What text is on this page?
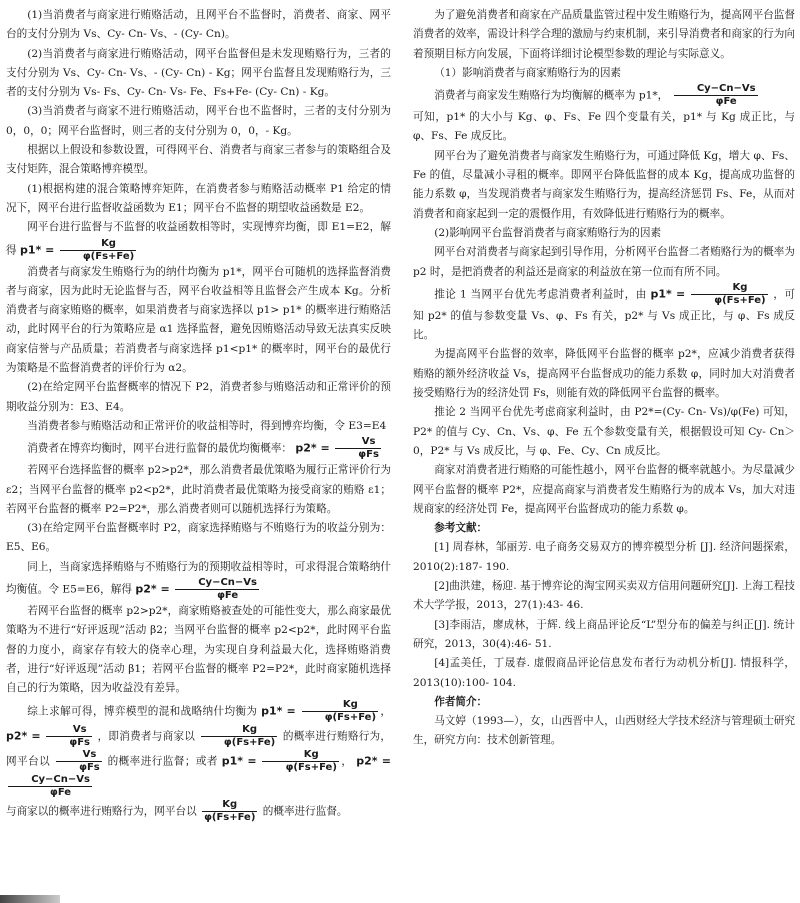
(1)当消费者与商家进行贿赂活动，且网平台不监督时，消费者、商家、网平台的支付分别为 Vs、Cy- Cn- Vs、- (Cy- Cn)。

(2)当消费者与商家进行贿赂活动，网平台监督但是未发现贿赂行为，三者的支付分别为 Vs、Cy- Cn- Vs、- (Cy- Cn) - Kg；网平台监督且发现贿赂行为，三者的支付分别为 Vs- Fs、Cy- Cn- Vs- Fe、Fs+Fe- (Cy- Cn) - Kg。

(3)当消费者与商家不进行贿赂活动，网平台也不监督时，三者的支付分别为 0，0，0；网平台监督时，则三者的支付分别为 0，0，- Kg。

根据以上假设和参数设置，可得网平台、消费者与商家三者参与的策略组合及支付矩阵，混合策略博弈模型。

(1)根据构建的混合策略博弈矩阵，在消费者参与贿赂活动概率 P1 给定的情况下，网平台进行监督收益函数为 E1；网平台不监督的期望收益函数是 E2。

网平台进行监督与不监督的收益函数相等时，实现博弈均衡，即 E1=E2，解得 $p1* = \frac{Kg}{\varphi(Fs+Fe)}$

消费者与商家发生贿赂行为的纳什均衡为 p1*，网平台可随机的选择监督消费者与商家，因为此时无论监督与否，网平台收益相等且监督会产生成本 Kg。分析消费者与商家贿赂的概率，如果消费者与商家选择以 p1> p1* 的概率进行贿赂活动，此时网平台的行为策略应是 α1 选择监督，避免因贿赂活动导致无法真实反映商家信誉与产品质量；若消费者与商家选择 p1<p1* 的概率时，网平台的最优行为策略是不监督消费者的评价行为 α2。

(2)在给定网平台监督概率的情况下 P2，消费者参与贿赂活动和正常评价的预期收益分别为：E3、E4。

当消费者参与贿赂活动和正常评价的收益相等时，得到博弈均衡，令 E3=E4

消费者在博弈均衡时，网平台进行监督的最优均衡概率： $p2* = \frac{Vs}{\text{φFs}}$

若网平台选择监督的概率 p2>p2*，那么消费者最优策略为履行正常评价行为 ε2；当网平台监督的概率 p2<p2*，此时消费者最优策略为接受商家的贿赂 ε1；若网平台监督的概率 P2=P2*，那么消费者则可以随机选择行为策略。

(3)在给定网平台监督概率时 P2，商家选择贿赂与不贿赂行为的收益分别为：E5、E6。

同上，当商家选择贿赂与不贿赂行为的预期收益相等时，可求得混合策略纳什均衡值。令 E5=E6，解得 $p2* = \frac{Cy-Cn-Vs}{\text{φFe}}$

若网平台监督的概率 p2>p2*，商家贿赂被查处的可能性变大，那么商家最优策略为不进行“好评返现”活动 β2；当网平台监督的概率 p2<p2*，此时网平台监督的力度小，商家存有较大的侥幸心理，为实现自身利益最大化，选择贿赂消费者，进行“好评返现”活动 β1；若网平台监督的概率 P2=P2*，此时商家随机选择自己的行为策略，因为收益没有差异。

综上求解可得，博弈模型的混和战略纳什均衡为 $p1* = \frac{Kg}{\varphi(Fs+Fe)}$ ， $p2* = \frac{Vs}{\text{φFs}}$ ，即消费者与商家以 $\frac{Kg}{\varphi(Fs+Fe)}$ 的概率进行贿赂行为，网平台以 $\frac{Vs}{\text{φFs}}$ 的概率进行监督；或者 $p1* = \frac{Kg}{\varphi(Fs+Fe)}$ ， p2* =
$\frac{Cy-Cn-Vs}{\text{φFe}}$

与商家以的概率进行贿赂行为，网平台以 $\frac{Kg}{\varphi(Fs+Fe)}$ 的概率进行监督。

为了避免消费者和商家在产品质量监管过程中发生贿赂行为，提高网平台监督消费者的效率，需设计科学合理的激励与约束机制，来引导消费者和商家的行为向着预期目标方向发展，下面将详细讨论模型参数的理论与实际意义。

（1）影响消费者与商家贿赂行为的因素

消费者与商家发生贿赂行为均衡解的概率为 p1*， $\frac{Cy-Cn-Vs}{\text{φFe}}$

可知，p1* 的大小与 Kg、φ、Fs、Fe 四个变量有关，p1* 与 Kg 成正比，与 φ、Fs、Fe 成反比。

网平台为了避免消费者与商家发生贿赂行为，可通过降低 Kg，增大 φ、Fs、Fe 的值，尽量减小寻租的概率。即网平台降低监督的成本 Kg，提高成功监督的能力系数 φ，当发现消费者与商家发生贿赂行为，提高经济惩罚 Fs、Fe，从而对消费者和商家起到一定的震慑作用，有效降低进行贿赂行为的概率。

(2)影响网平台监督消费者与商家贿赂行为的因素

网平台对消费者与商家起到引导作用，分析网平台监督二者贿赂行为的概率为 p2 时，是把消费者的利益还是商家的利益放在第一位而有所不同。

推论 1 当网平台优先考虑消费者利益时，由 $p1* = \frac{Kg}{\varphi(Fs+Fe)}$ ，可知 p2* 的值与参数变量 Vs、φ、Fs 有关，p2* 与 Vs 成正比，与 φ、Fs 成反比。

为提高网平台监督的效率，降低网平台监督的概率 p2*，应减少消费者获得贿赂的额外经济收益 Vs，提高网平台监督成功的能力系数 φ，同时加大对消费者接受贿赂行为的经济处罚 Fs，则能有效的降低网平台监督的概率。

推论 2 当网平台优先考虑商家利益时，由 P2*=(Cy- Cn- Vs)/φ(Fe) 可知，P2* 的值与 Cy、Cn、Vs、φ、Fe 五个参数变量有关，根据假设可知 Cy- Cn＞0，P2* 与 Vs 成反比，与 φ、Fe、Cy、Cn 成反比。

商家对消费者进行贿赂的可能性越小，网平台监督的概率就越小。为尽量减少网平台监督的概率 P2*，应提高商家与消费者发生贿赂行为的成本 Vs，加大对违规商家的经济处罚 Fe，提高网平台监督成功的能力系数 φ。

参考文献：

[1] 周春林，邹丽芳. 电子商务交易双方的博弈模型分析 [J]. 经济问题探索，2010(2):187- 190.

[2]曲洪建，杨迎. 基于博弈论的淘宝网买卖双方信用问题研究[J]. 上海工程技术大学学报，2013，27(1):43- 46.

[3]李雨洁，廖成林，于辉. 线上商品评论反“L”型分布的偏差与纠正[J]. 统计研究，2013，30(4):46- 51.

[4]孟美任，丁晟春. 虚假商品评论信息发布者行为动机分析[J]. 情报科学，2013(10):100- 104.

作者简介：

马文婷（1993—），女，山西晋中人，山西财经大学技术经济与管理硕士研究生，研究方向：技术创新管理。
